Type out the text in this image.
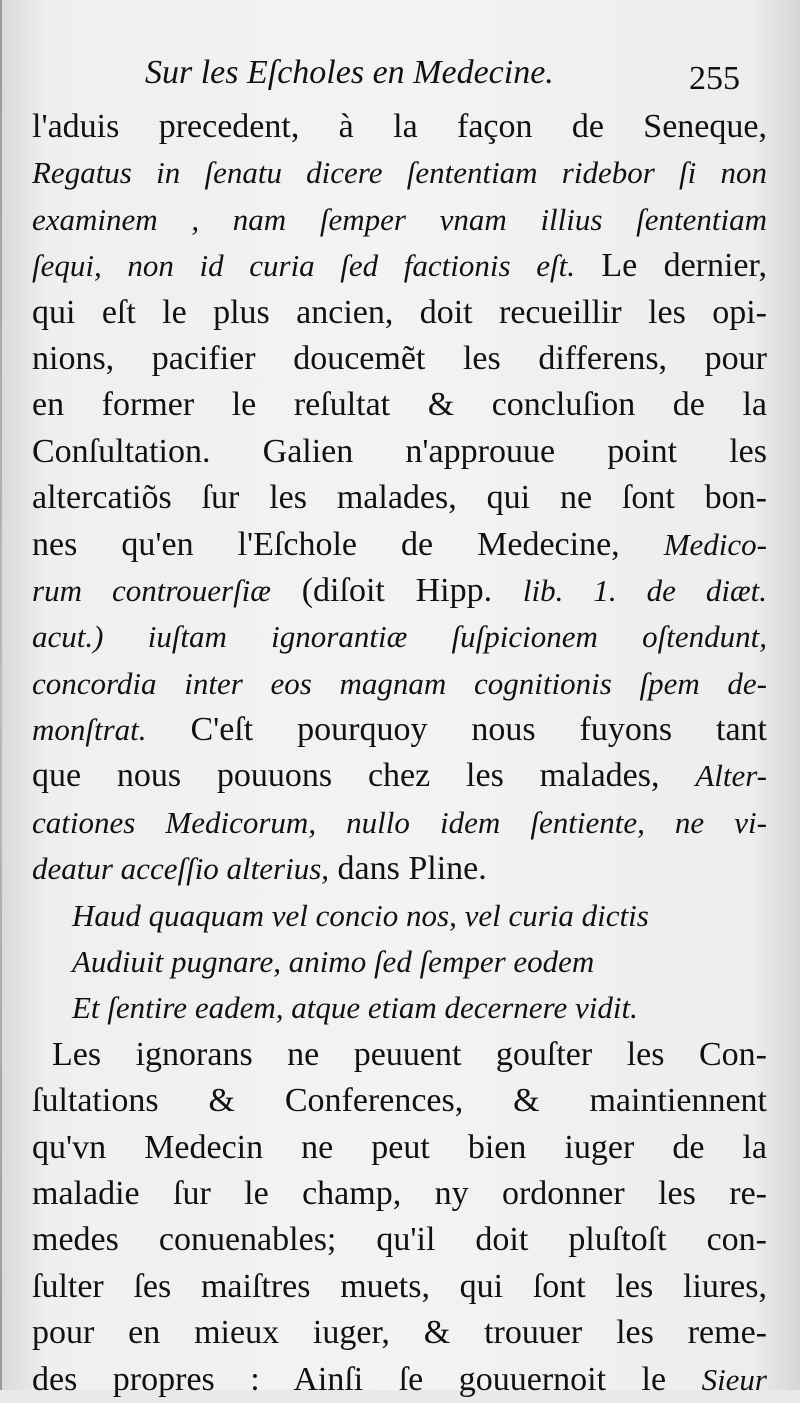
Sur les Eſcholes en Medecine.	255
l'aduis precedent, à la façon de Seneque,
Regatus in ſenatu dicere ſententiam ridebor ſi non
examinem , nam ſemper vnam illius ſententiam
ſequi, non id curia ſed factionis eſt. Le dernier,
qui eſt le plus ancien, doit recueillir les opi-
nions, pacifier doucemẽt les differens, pour
en former le reſultat & concluſion de la
Conſultation. Galien n'approuue point les
altercatiõs ſur les malades, qui ne ſont bon-
nes qu'en l'Eſchole de Medecine, Medico-
rum controuerſiæ (diſoit Hipp. lib. 1. de diæt.
acut.) iuſtam ignorantiæ ſuſpicionem oſtendunt,
concordia inter eos magnam cognitionis ſpem de-
monſtrat. C'eſt pourquoy nous fuyons tant
que nous pouuons chez les malades, Alter-
cationes Medicorum, nullo idem ſentiente, ne vi-
deatur acceſſio alterius, dans Pline.
Haud quaquam vel concio nos, vel curia dictis
Audiuit pugnare, animo ſed ſemper eodem
Et ſentire eadem, atque etiam decernere vidit.
Les ignorans ne peuuent gouſter les Con-
ſultations & Conferences, & maintiennent
qu'vn Medecin ne peut bien iuger de la
maladie ſur le champ, ny ordonner les re-
medes conuenables; qu'il doit pluſtoſt con-
ſulter ſes maiſtres muets, qui ſont les liures,
pour en mieux iuger, & trouuer les reme-
des propres : Ainſi ſe gouuernoit le Sieur
